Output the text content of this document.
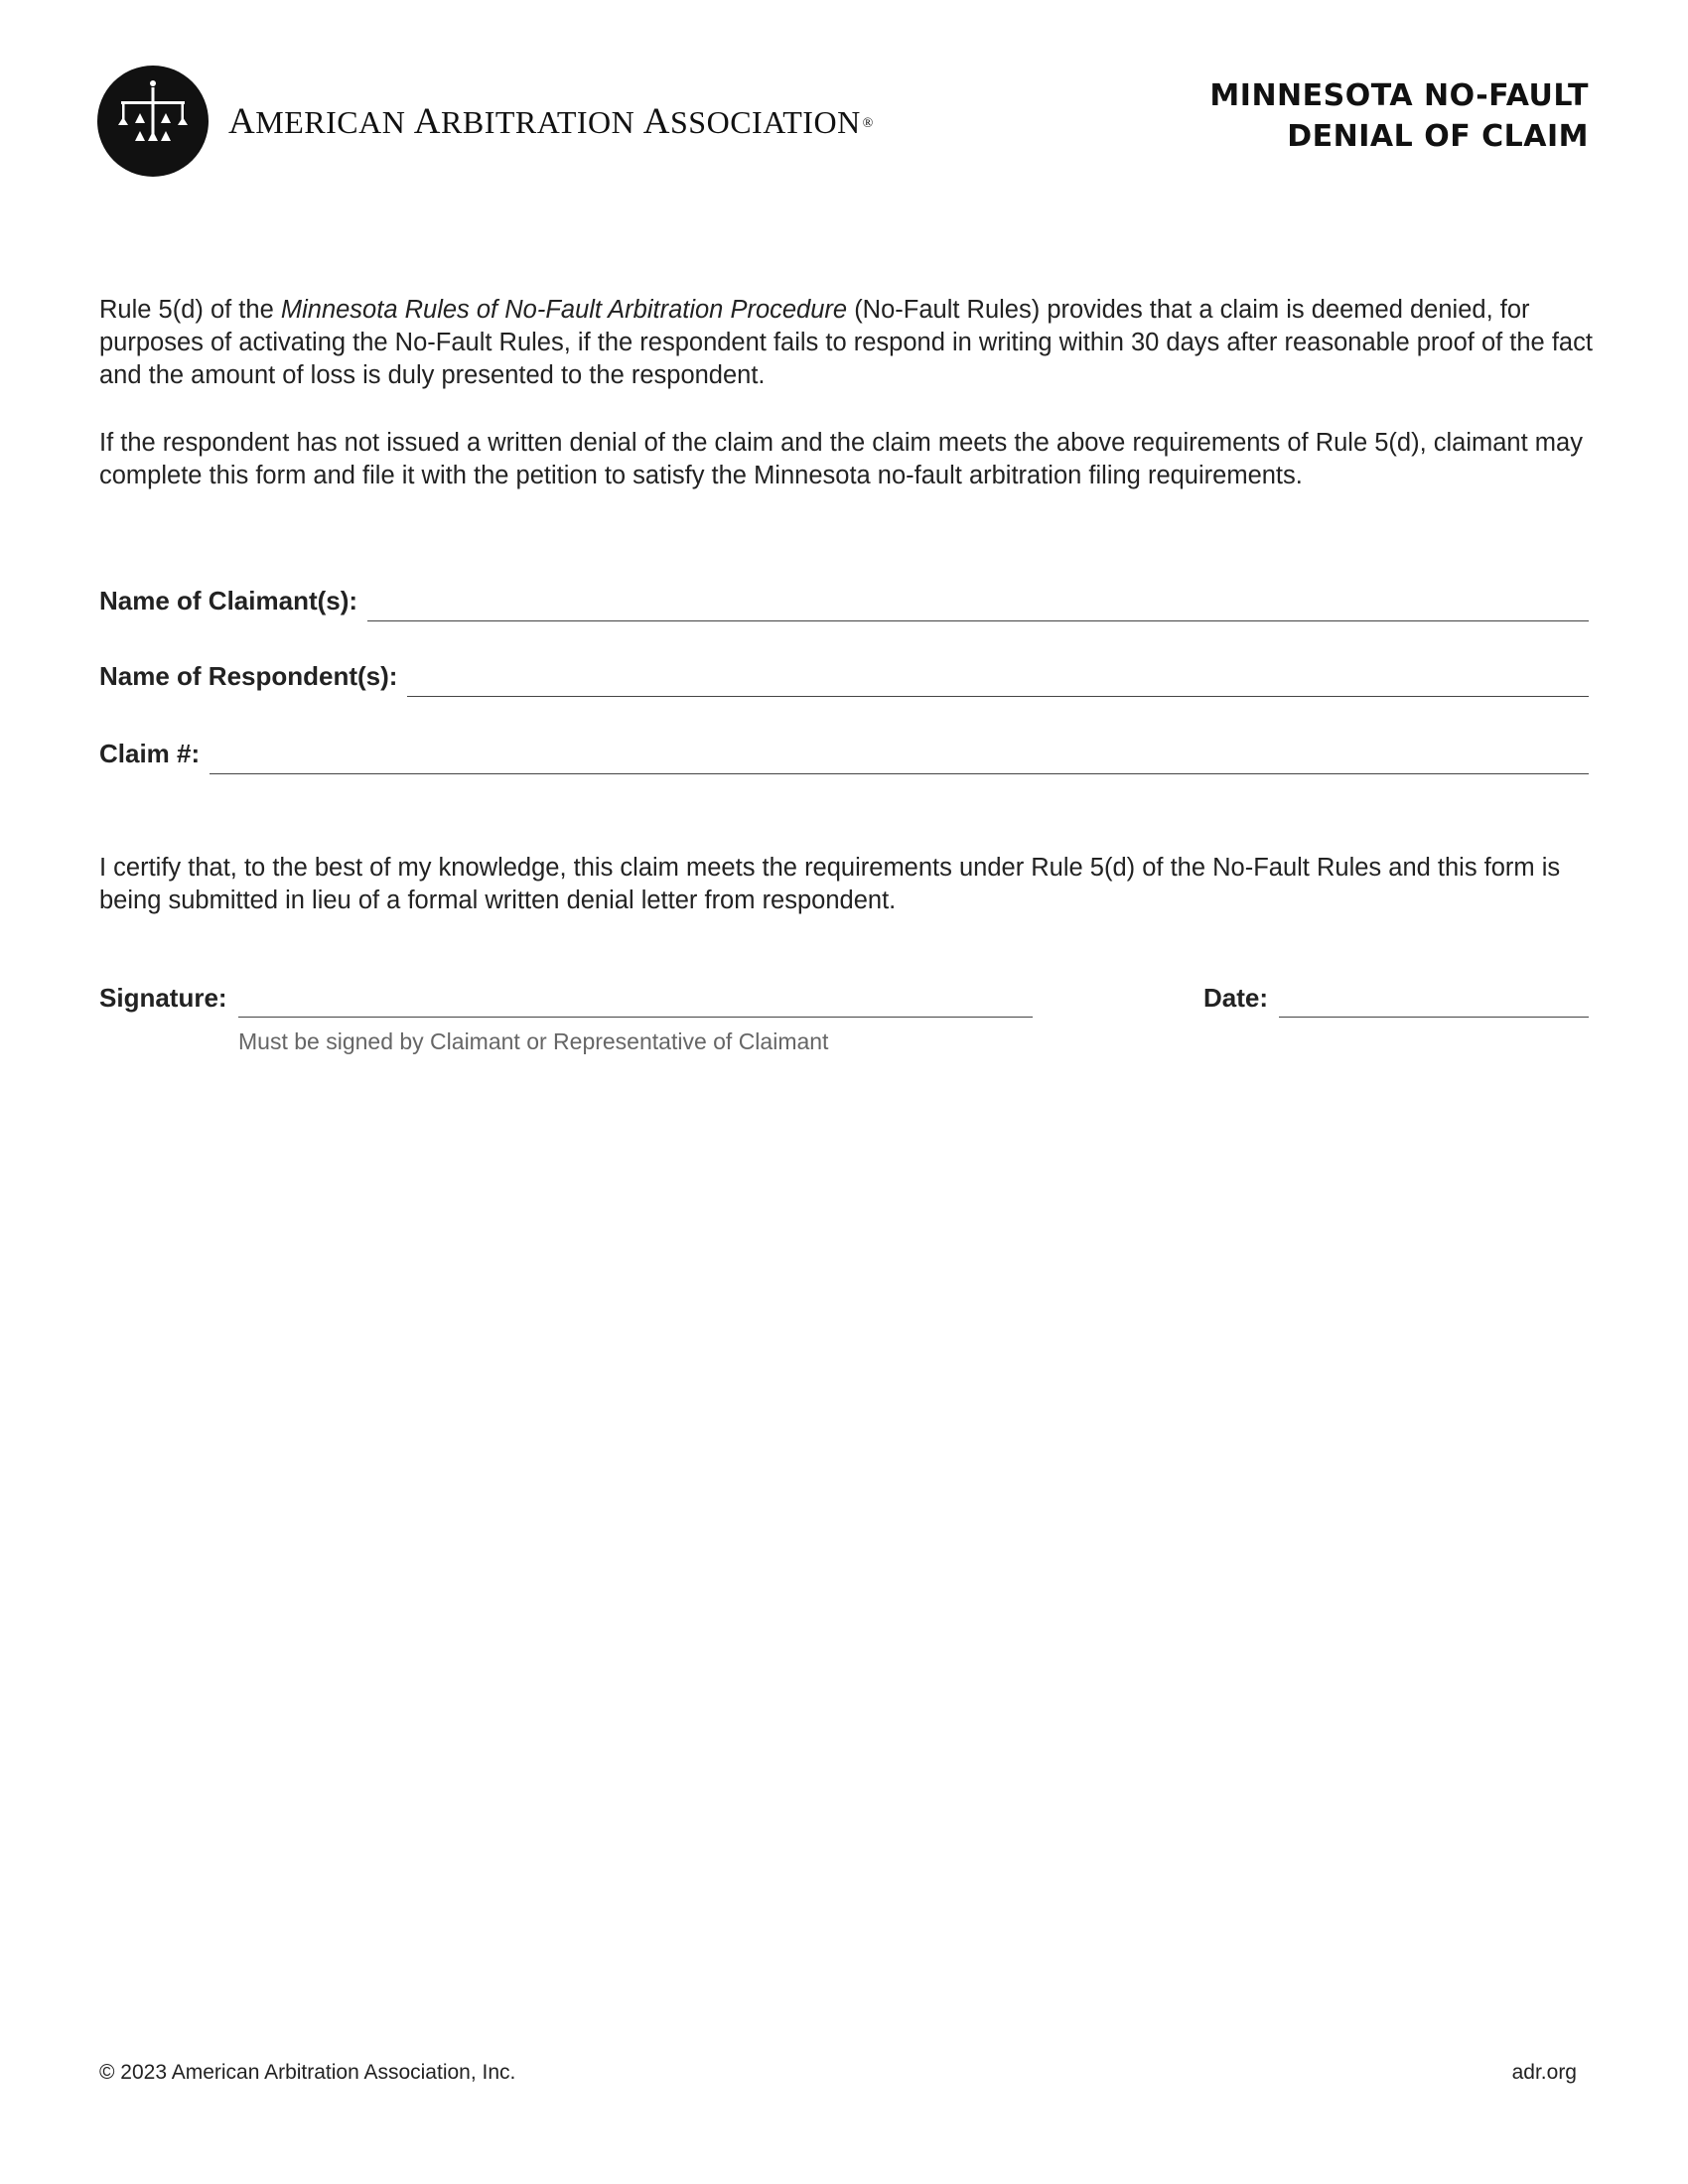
AMERICAN ARBITRATION ASSOCIATION ®
MINNESOTA NO-FAULT
DENIAL OF CLAIM

Rule 5(d) of the Minnesota Rules of No-Fault Arbitration Procedure (No-Fault Rules) provides that a claim is deemed denied, for purposes of activating the No-Fault Rules, if the respondent fails to respond in writing within 30 days after reasonable proof of the fact and the amount of loss is duly presented to the respondent.

If the respondent has not issued a written denial of the claim and the claim meets the above requirements of Rule 5(d), claimant may complete this form and file it with the petition to satisfy the Minnesota no-fault arbitration filing requirements.

Name of Claimant(s):
Name of Respondent(s):
Claim #:

I certify that, to the best of my knowledge, this claim meets the requirements under Rule 5(d) of the No-Fault Rules and this form is being submitted in lieu of a formal written denial letter from respondent.

Signature:	Date:
Must be signed by Claimant or Representative of Claimant
© 2023 American Arbitration Association, Inc.	adr.org
